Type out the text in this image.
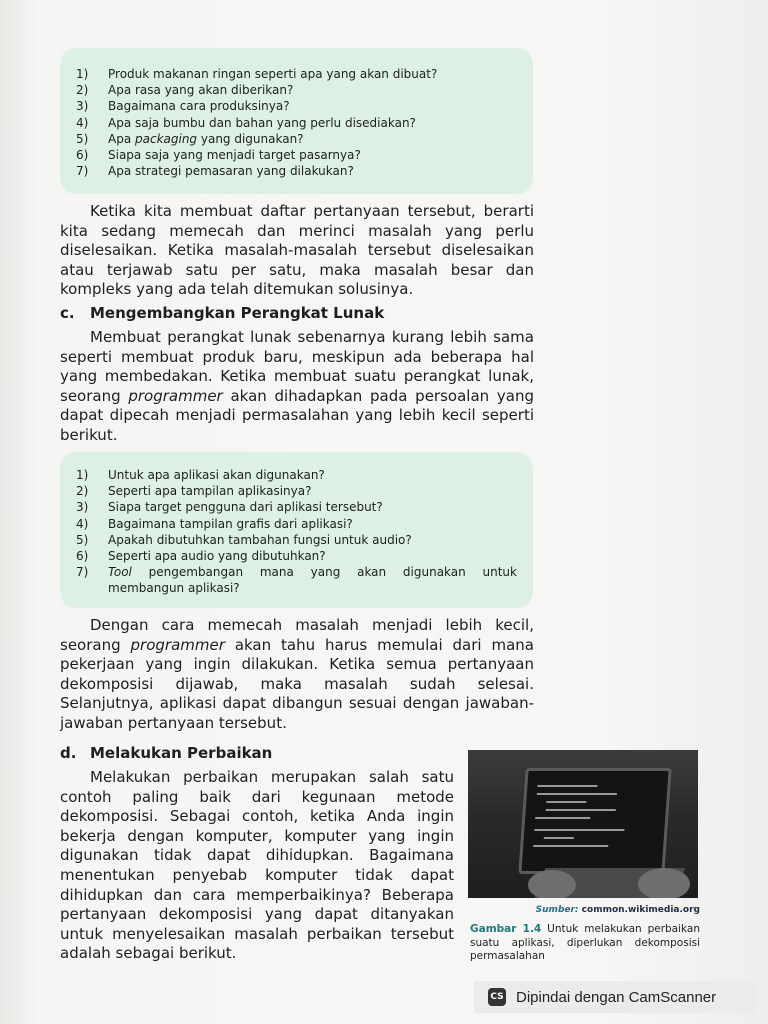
1) Produk makanan ringan seperti apa yang akan dibuat?
2) Apa rasa yang akan diberikan?
3) Bagaimana cara produksinya?
4) Apa saja bumbu dan bahan yang perlu disediakan?
5) Apa packaging yang digunakan?
6) Siapa saja yang menjadi target pasarnya?
7) Apa strategi pemasaran yang dilakukan?

Ketika kita membuat daftar pertanyaan tersebut, berarti kita sedang memecah dan merinci masalah yang perlu diselesaikan. Ketika masalah-masalah tersebut diselesaikan atau terjawab satu per satu, maka masalah besar dan kompleks yang ada telah ditemukan solusinya.

c. Mengembangkan Perangkat Lunak

Membuat perangkat lunak sebenarnya kurang lebih sama seperti membuat produk baru, meskipun ada beberapa hal yang membedakan. Ketika membuat suatu perangkat lunak, seorang programmer akan dihadapkan pada persoalan yang dapat dipecah menjadi permasalahan yang lebih kecil seperti berikut.

1) Untuk apa aplikasi akan digunakan?
2) Seperti apa tampilan aplikasinya?
3) Siapa target pengguna dari aplikasi tersebut?
4) Bagaimana tampilan grafis dari aplikasi?
5) Apakah dibutuhkan tambahan fungsi untuk audio?
6) Seperti apa audio yang dibutuhkan?
7) Tool pengembangan mana yang akan digunakan untuk membangun aplikasi?

Dengan cara memecah masalah menjadi lebih kecil, seorang programmer akan tahu harus memulai dari mana pekerjaan yang ingin dilakukan. Ketika semua pertanyaan dekomposisi dijawab, maka masalah sudah selesai. Selanjutnya, aplikasi dapat dibangun sesuai dengan jawaban-jawaban pertanyaan tersebut.

d. Melakukan Perbaikan

Melakukan perbaikan merupakan salah satu contoh paling baik dari kegunaan metode dekomposisi. Sebagai contoh, ketika Anda ingin bekerja dengan komputer, komputer yang ingin digunakan tidak dapat dihidupkan. Bagaimana menentukan penyebab komputer tidak dapat dihidupkan dan cara memperbaikinya? Beberapa pertanyaan dekomposisi yang dapat ditanyakan untuk menyelesaikan masalah perbaikan tersebut adalah sebagai berikut.

Sumber: common.wikimedia.org
Gambar 1.4 Untuk melakukan perbaikan suatu aplikasi, diperlukan dekomposisi permasalahan
CS Dipindai dengan CamScanner
